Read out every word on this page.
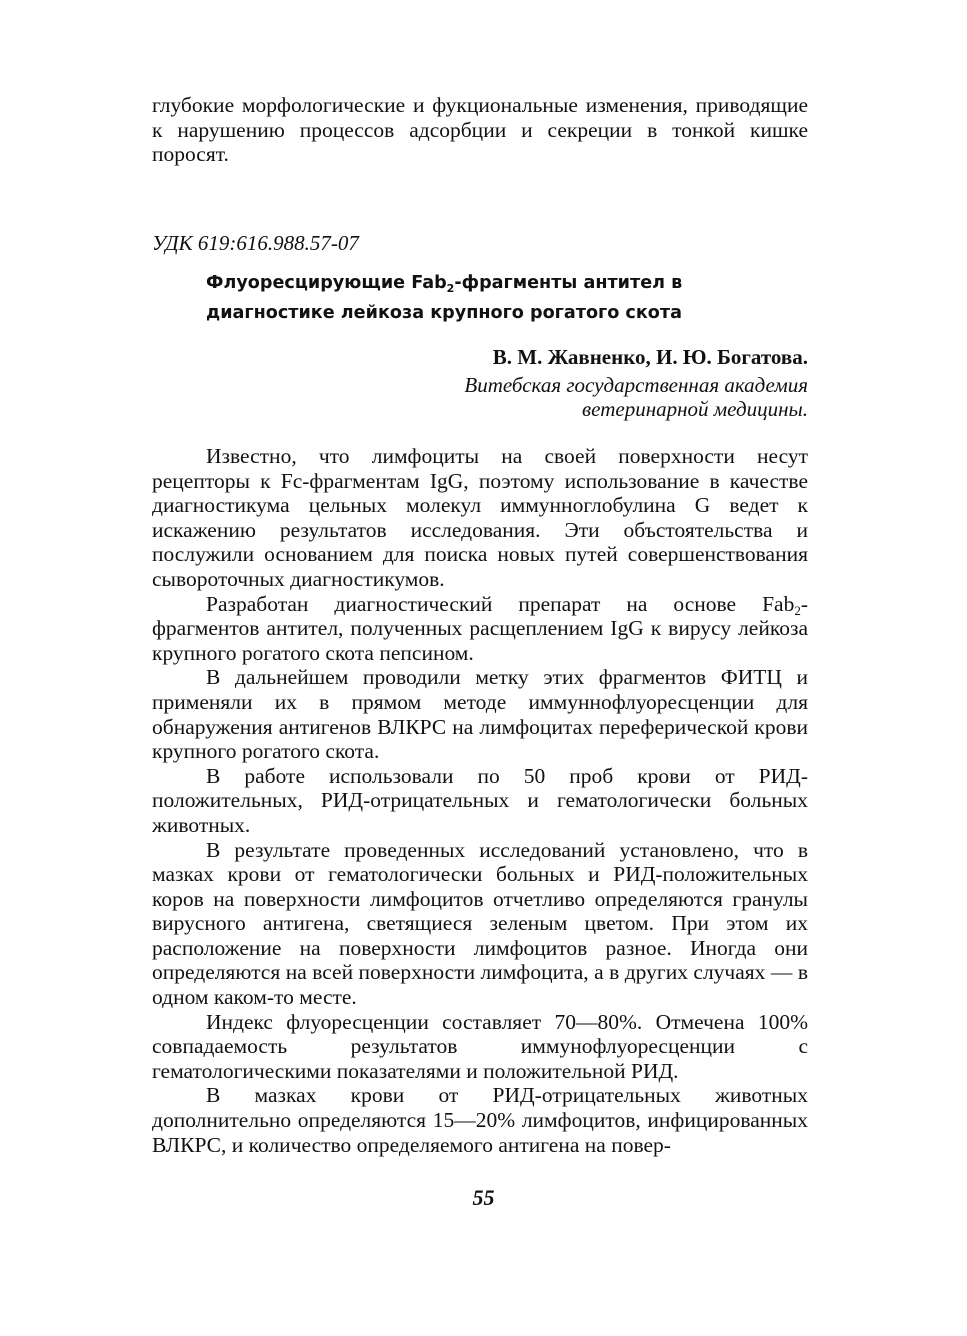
глубокие морфологические и фукциональные изменения, приводящие к нарушению процессов адсорбции и секреции в тонкой кишке поросят.

УДК 619:616.988.57-07

Флуоресцирующие Fab$_2$-фрагменты антител в диагностике лейкоза крупного рогатого скота

В. М. Жавненко, И. Ю. Богатова.

Витебская государственная академия ветеринарной медицины.

Известно, что лимфоциты на своей поверхности несут рецепторы к Fc-фрагментам IgG, поэтому использование в качестве диагностикума цельных молекул иммунноглобулина G ведет к искажению результатов исследования. Эти объстоятельства и послужили основанием для поиска новых путей совершенствования сывороточных диагностикумов.

Разработан диагностический препарат на основе Fab$_2$-фрагментов антител, полученных расщеплением IgG к вирусу лейкоза крупного рогатого скота пепсином.

В дальнейшем проводили метку этих фрагментов ФИТЦ и применяли их в прямом методе иммуннофлуоресценции для обнаружения антигенов ВЛКРС на лимфоцитах переферической крови крупного рогатого скота.

В работе использовали по 50 проб крови от РИД-положительных, РИД-отрицательных и гематологически больных животных.

В результате проведенных исследований установлено, что в мазках крови от гематологически больных и РИД-положительных коров на поверхности лимфоцитов отчетливо определяются гранулы вирусного антигена, светящиеся зеленым цветом. При этом их расположение на поверхности лимфоцитов разное. Иногда они определяются на всей поверхности лимфоцита, а в других случаях — в одном каком-то месте.

Индекс флуоресценции составляет 70—80%. Отмечена 100% совпадаемость результатов иммунофлуоресценции с гематологическими показателями и положительной РИД.

В мазках крови от РИД-отрицательных животных дополнительно определяются 15—20% лимфоцитов, инфицированных ВЛКРС, и количество определяемого антигена на повер-

55
